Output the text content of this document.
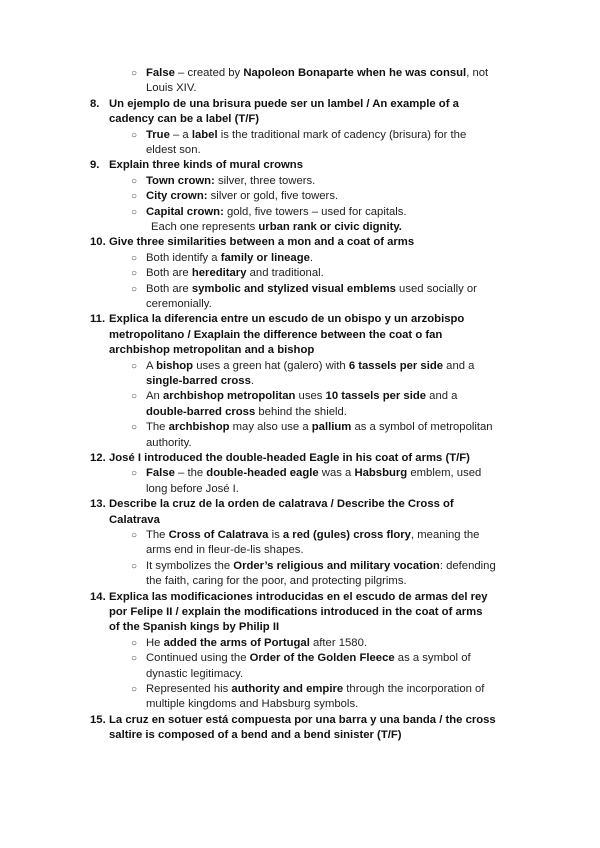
○ False – created by Napoleon Bonaparte when he was consul, not
Louis XIV.
8. Un ejemplo de una brisura puede ser un lambel / An example of a
cadency can be a label (T/F)
○ True – a label is the traditional mark of cadency (brisura) for the
eldest son.
9. Explain three kinds of mural crowns
○ Town crown: silver, three towers.
○ City crown: silver or gold, five towers.
○ Capital crown: gold, five towers – used for capitals.
Each one represents urban rank or civic dignity.
10. Give three similarities between a mon and a coat of arms
○ Both identify a family or lineage.
○ Both are hereditary and traditional.
○ Both are symbolic and stylized visual emblems used socially or
ceremonially.
11. Explica la diferencia entre un escudo de un obispo y un arzobispo
metropolitano / Exaplain the difference between the coat o fan
archbishop metropolitan and a bishop
○ A bishop uses a green hat (galero) with 6 tassels per side and a
single-barred cross.
○ An archbishop metropolitan uses 10 tassels per side and a
double-barred cross behind the shield.
○ The archbishop may also use a pallium as a symbol of metropolitan
authority.
12. José I introduced the double-headed Eagle in his coat of arms (T/F)
○ False – the double-headed eagle was a Habsburg emblem, used
long before José I.
13. Describe la cruz de la orden de calatrava / Describe the Cross of
Calatrava
○ The Cross of Calatrava is a red (gules) cross flory, meaning the
arms end in fleur-de-lis shapes.
○ It symbolizes the Order’s religious and military vocation: defending
the faith, caring for the poor, and protecting pilgrims.
14. Explica las modificaciones introducidas en el escudo de armas del rey
por Felipe II / explain the modifications introduced in the coat of arms
of the Spanish kings by Philip II
○ He added the arms of Portugal after 1580.
○ Continued using the Order of the Golden Fleece as a symbol of
dynastic legitimacy.
○ Represented his authority and empire through the incorporation of
multiple kingdoms and Habsburg symbols.
15. La cruz en sotuer está compuesta por una barra y una banda / the cross
saltire is composed of a bend and a bend sinister (T/F)
